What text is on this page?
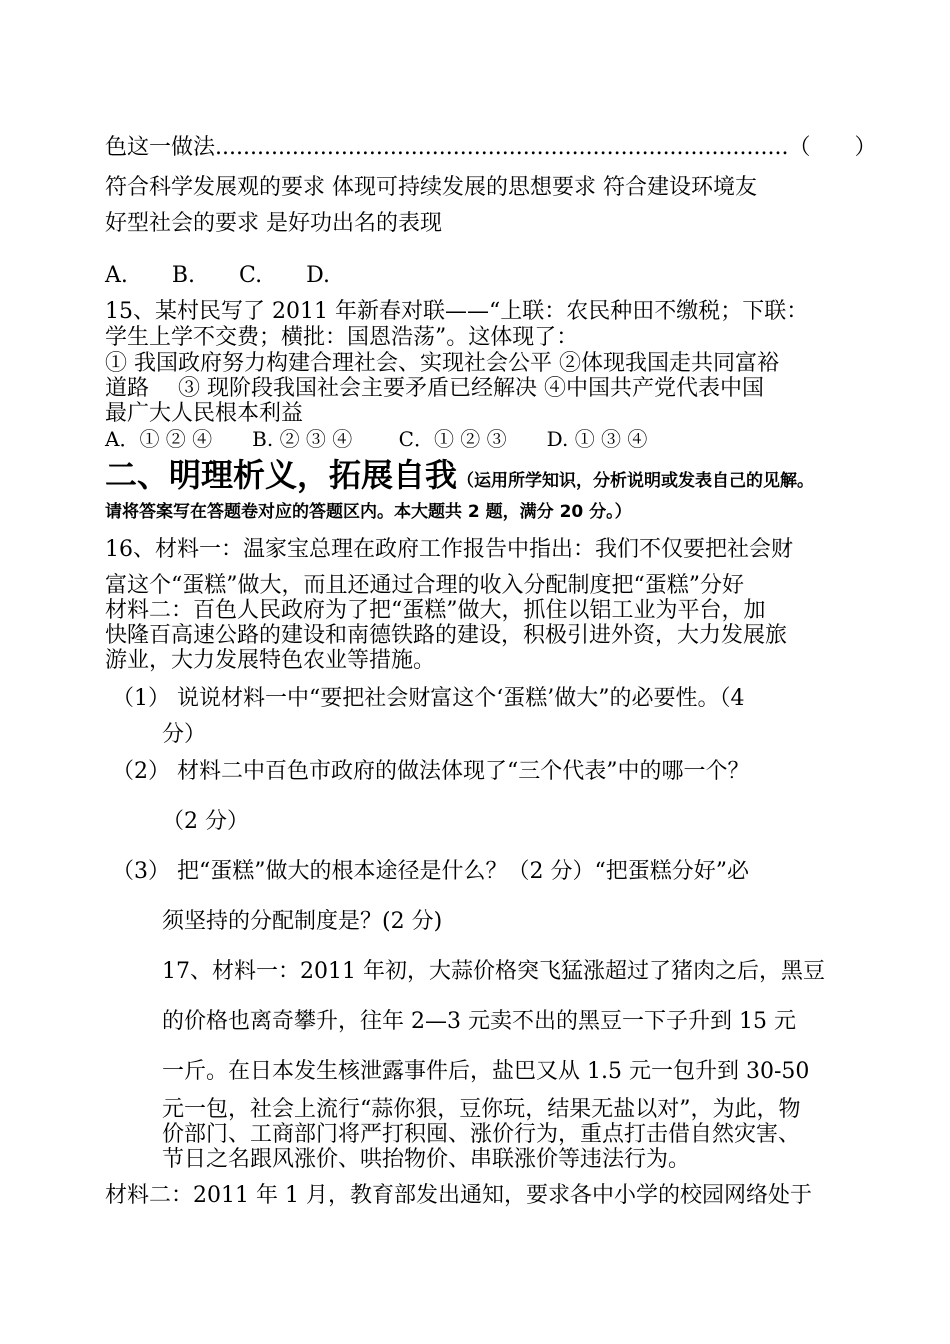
色这一做法..................................................................................（　　）
符合科学发展观的要求 体现可持续发展的思想要求 符合建设环境友
好型社会的要求 是好功出名的表现
A.　　B.　　C.　　D.
15、某村民写了 2011 年新春对联——“上联：农民种田不缴税；下联：
学生上学不交费；横批：国恩浩荡”。这体现了：
① 我国政府努力构建合理社会、实现社会公平 ②体现我国走共同富裕
道路　 ③ 现阶段我国社会主要矛盾已经解决 ④中国共产党代表中国
最广大人民根本利益
A．① ② ④　　B. ② ③ ④　　 C．① ② ③　　D. ① ③ ④
二、明理析义，拓展自我（运用所学知识，分析说明或发表自己的见解。
请将答案写在答题卷对应的答题区内。本大题共 2 题，满分 20 分。）
16、材料一：温家宝总理在政府工作报告中指出：我们不仅要把社会财
富这个“蛋糕”做大，而且还通过合理的收入分配制度把“蛋糕”分好
材料二：百色人民政府为了把“蛋糕”做大，抓住以铝工业为平台，加
快隆百高速公路的建设和南德铁路的建设，积极引进外资，大力发展旅
游业，大力发展特色农业等措施。
（1） 说说材料一中“要把社会财富这个‘蛋糕’做大”的必要性。（4
分）
（2） 材料二中百色市政府的做法体现了“三个代表”中的哪一个？
（2 分）
（3） 把“蛋糕”做大的根本途径是什么？（2 分）“把蛋糕分好”必
须坚持的分配制度是？(2 分)
17、材料一：2011 年初，大蒜价格突飞猛涨超过了猪肉之后，黑豆
的价格也离奇攀升，往年 2—3 元卖不出的黑豆一下子升到 15 元
一斤。在日本发生核泄露事件后，盐巴又从 1.5 元一包升到 30-50
元一包，社会上流行“蒜你狠，豆你玩，结果无盐以对”，为此，物
价部门、工商部门将严打积囤、涨价行为，重点打击借自然灾害、
节日之名跟风涨价、哄抬物价、串联涨价等违法行为。
材料二：2011 年 1 月，教育部发出通知，要求各中小学的校园网络处于
